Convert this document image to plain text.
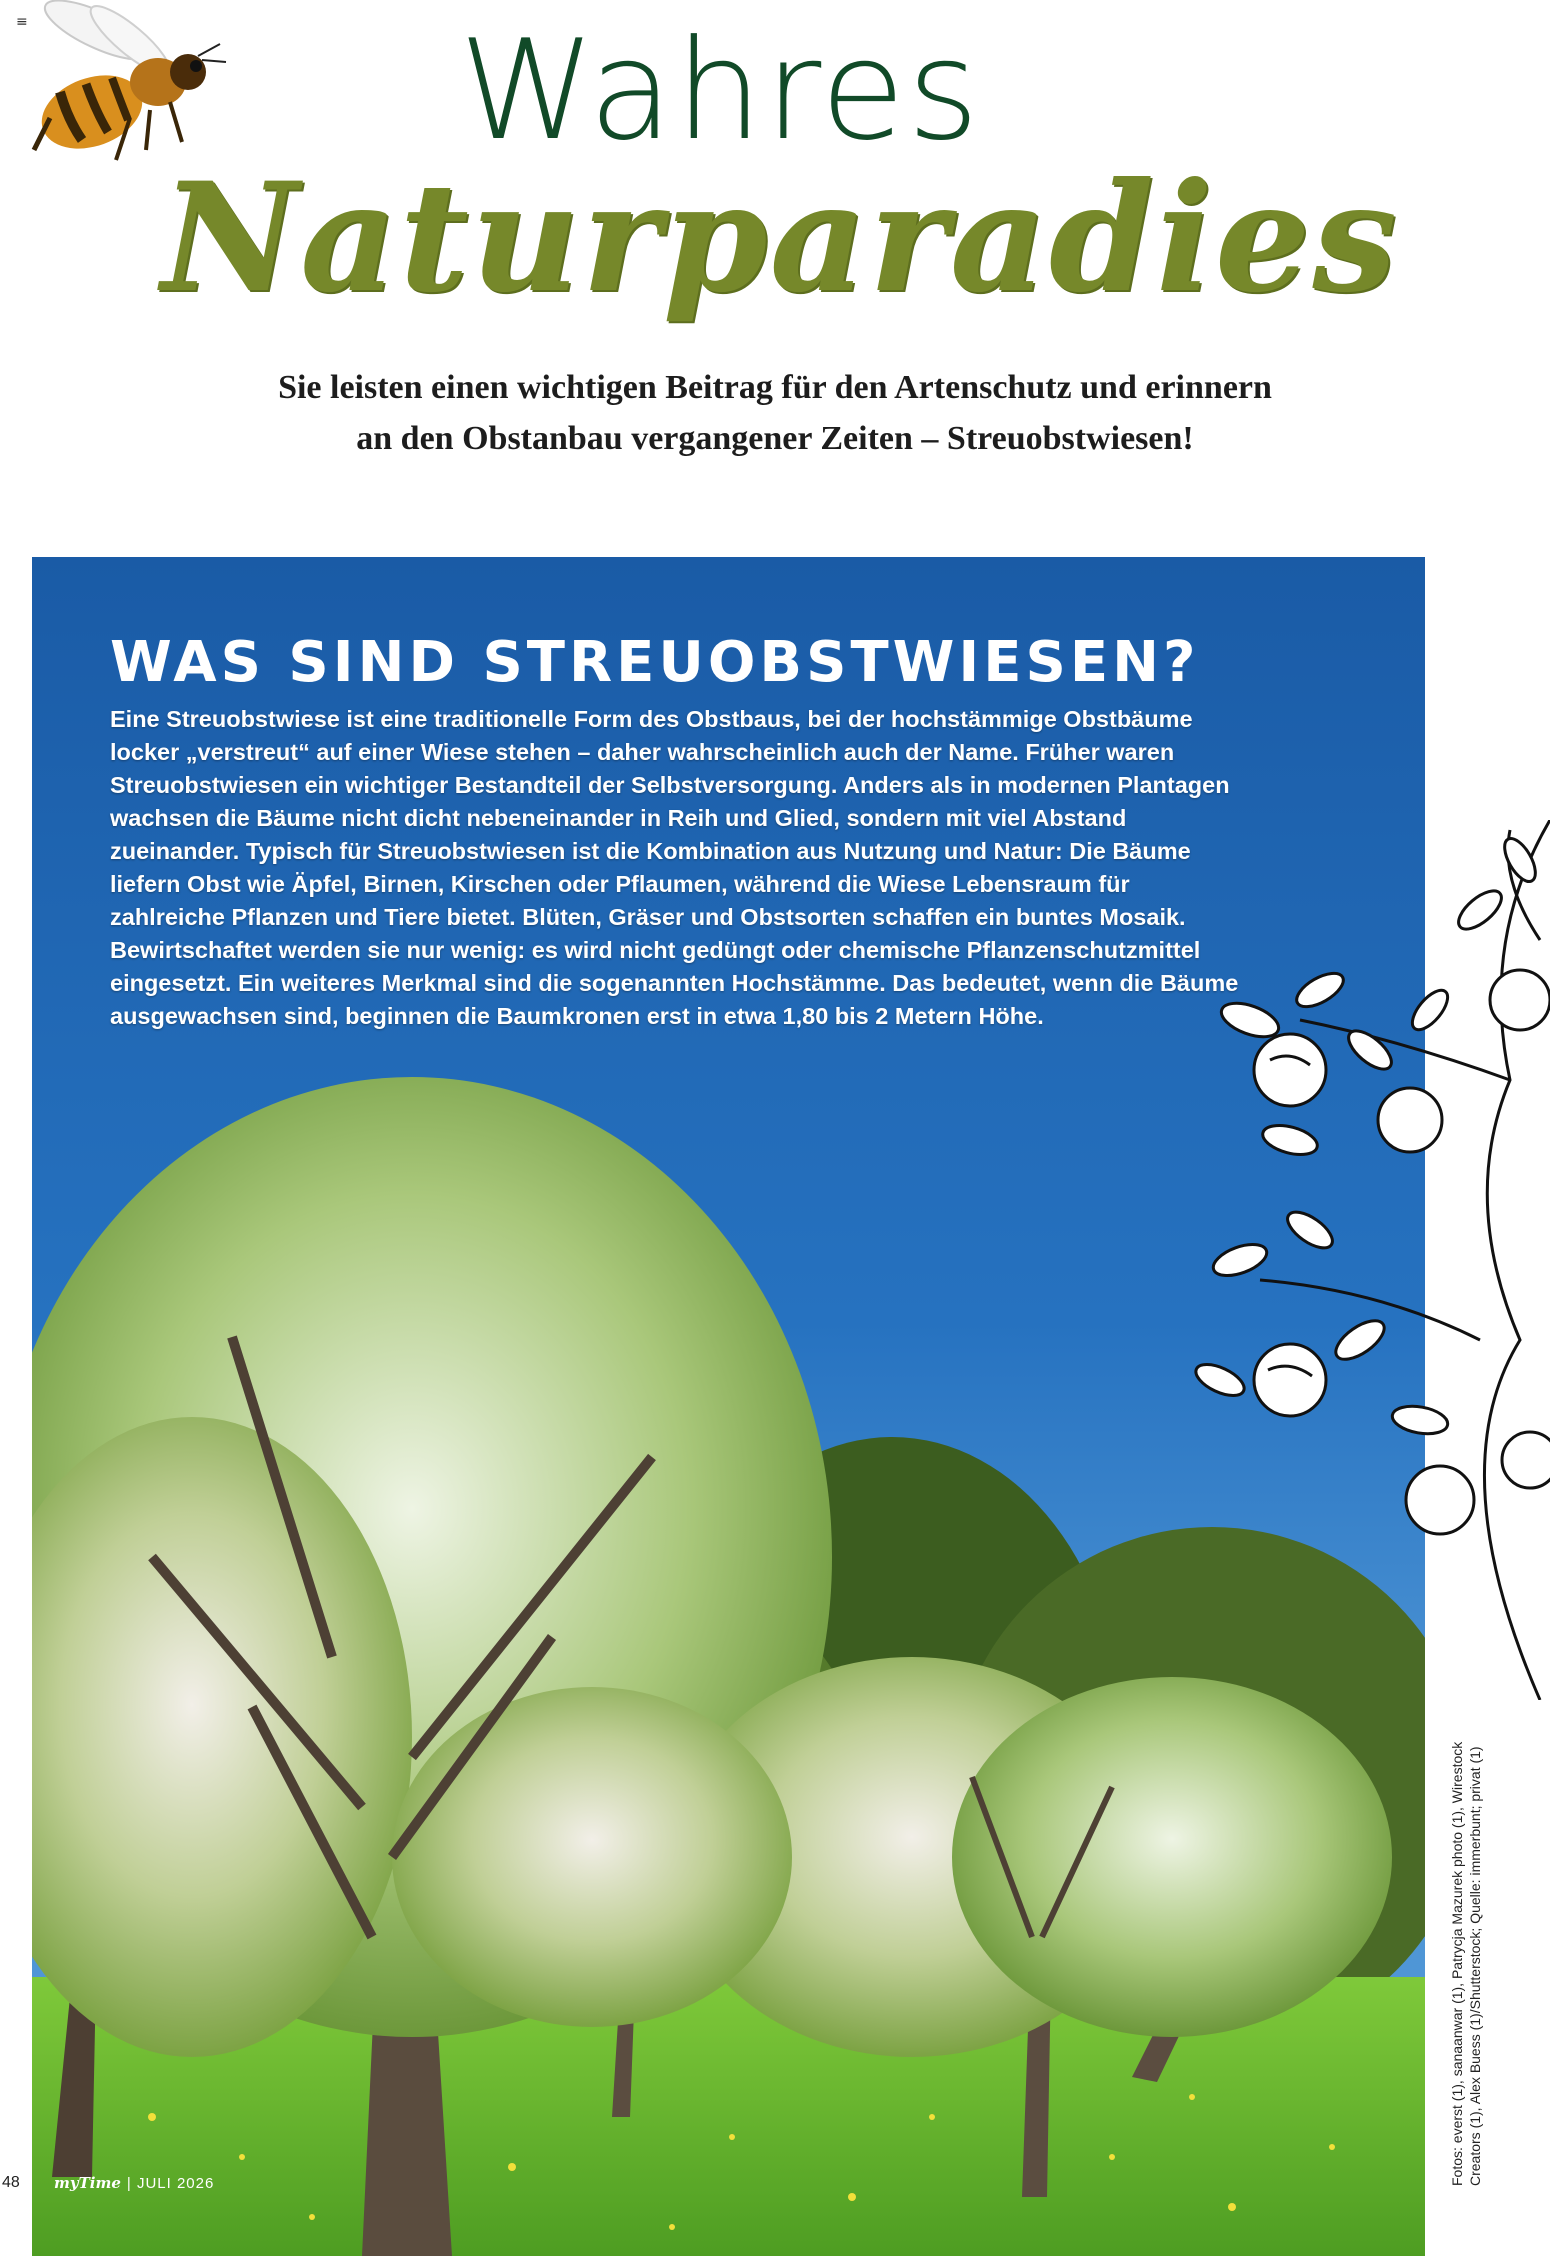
≡	Wahres
Naturparadies
Sie leisten einen wichtigen Beitrag für den Artenschutz und erinnern
an den Obstanbau vergangener Zeiten – Streuobstwiesen!
WAS SIND STREUOBSTWIESEN?

Eine Streuobstwiese ist eine traditionelle Form des Obstbaus, bei der hochstämmige Obstbäume locker „verstreut“ auf einer Wiese stehen – daher wahrscheinlich auch der Name. Früher waren Streuobstwiesen ein wichtiger Bestandteil der Selbstversorgung. Anders als in modernen Plantagen wachsen die Bäume nicht dicht nebeneinander in Reih und Glied, sondern mit viel Abstand zueinander. Typisch für Streuobstwiesen ist die Kombination aus Nutzung und Natur: Die Bäume liefern Obst wie Äpfel, Birnen, Kirschen oder Pflaumen, während die Wiese Lebensraum für zahlreiche Pflanzen und Tiere bietet. Blüten, Gräser und Obstsorten schaffen ein buntes Mosaik. Bewirtschaftet werden sie nur wenig: es wird nicht gedüngt oder chemische Pflanzenschutzmittel eingesetzt. Ein weiteres Merkmal sind die sogenannten Hochstämme. Das bedeutet, wenn die Bäume ausgewachsen sind, beginnen die Baumkronen erst in etwa 1,80 bis 2 Metern Höhe.

Fotos: everst (1), sanaanwar (1), Patrycja Mazurek photo (1), Wirestock Creators (1), Alex Buess (1)/Shutterstock; Quelle: immerbunt; privat (1)
48	myTime | JULI 2026
